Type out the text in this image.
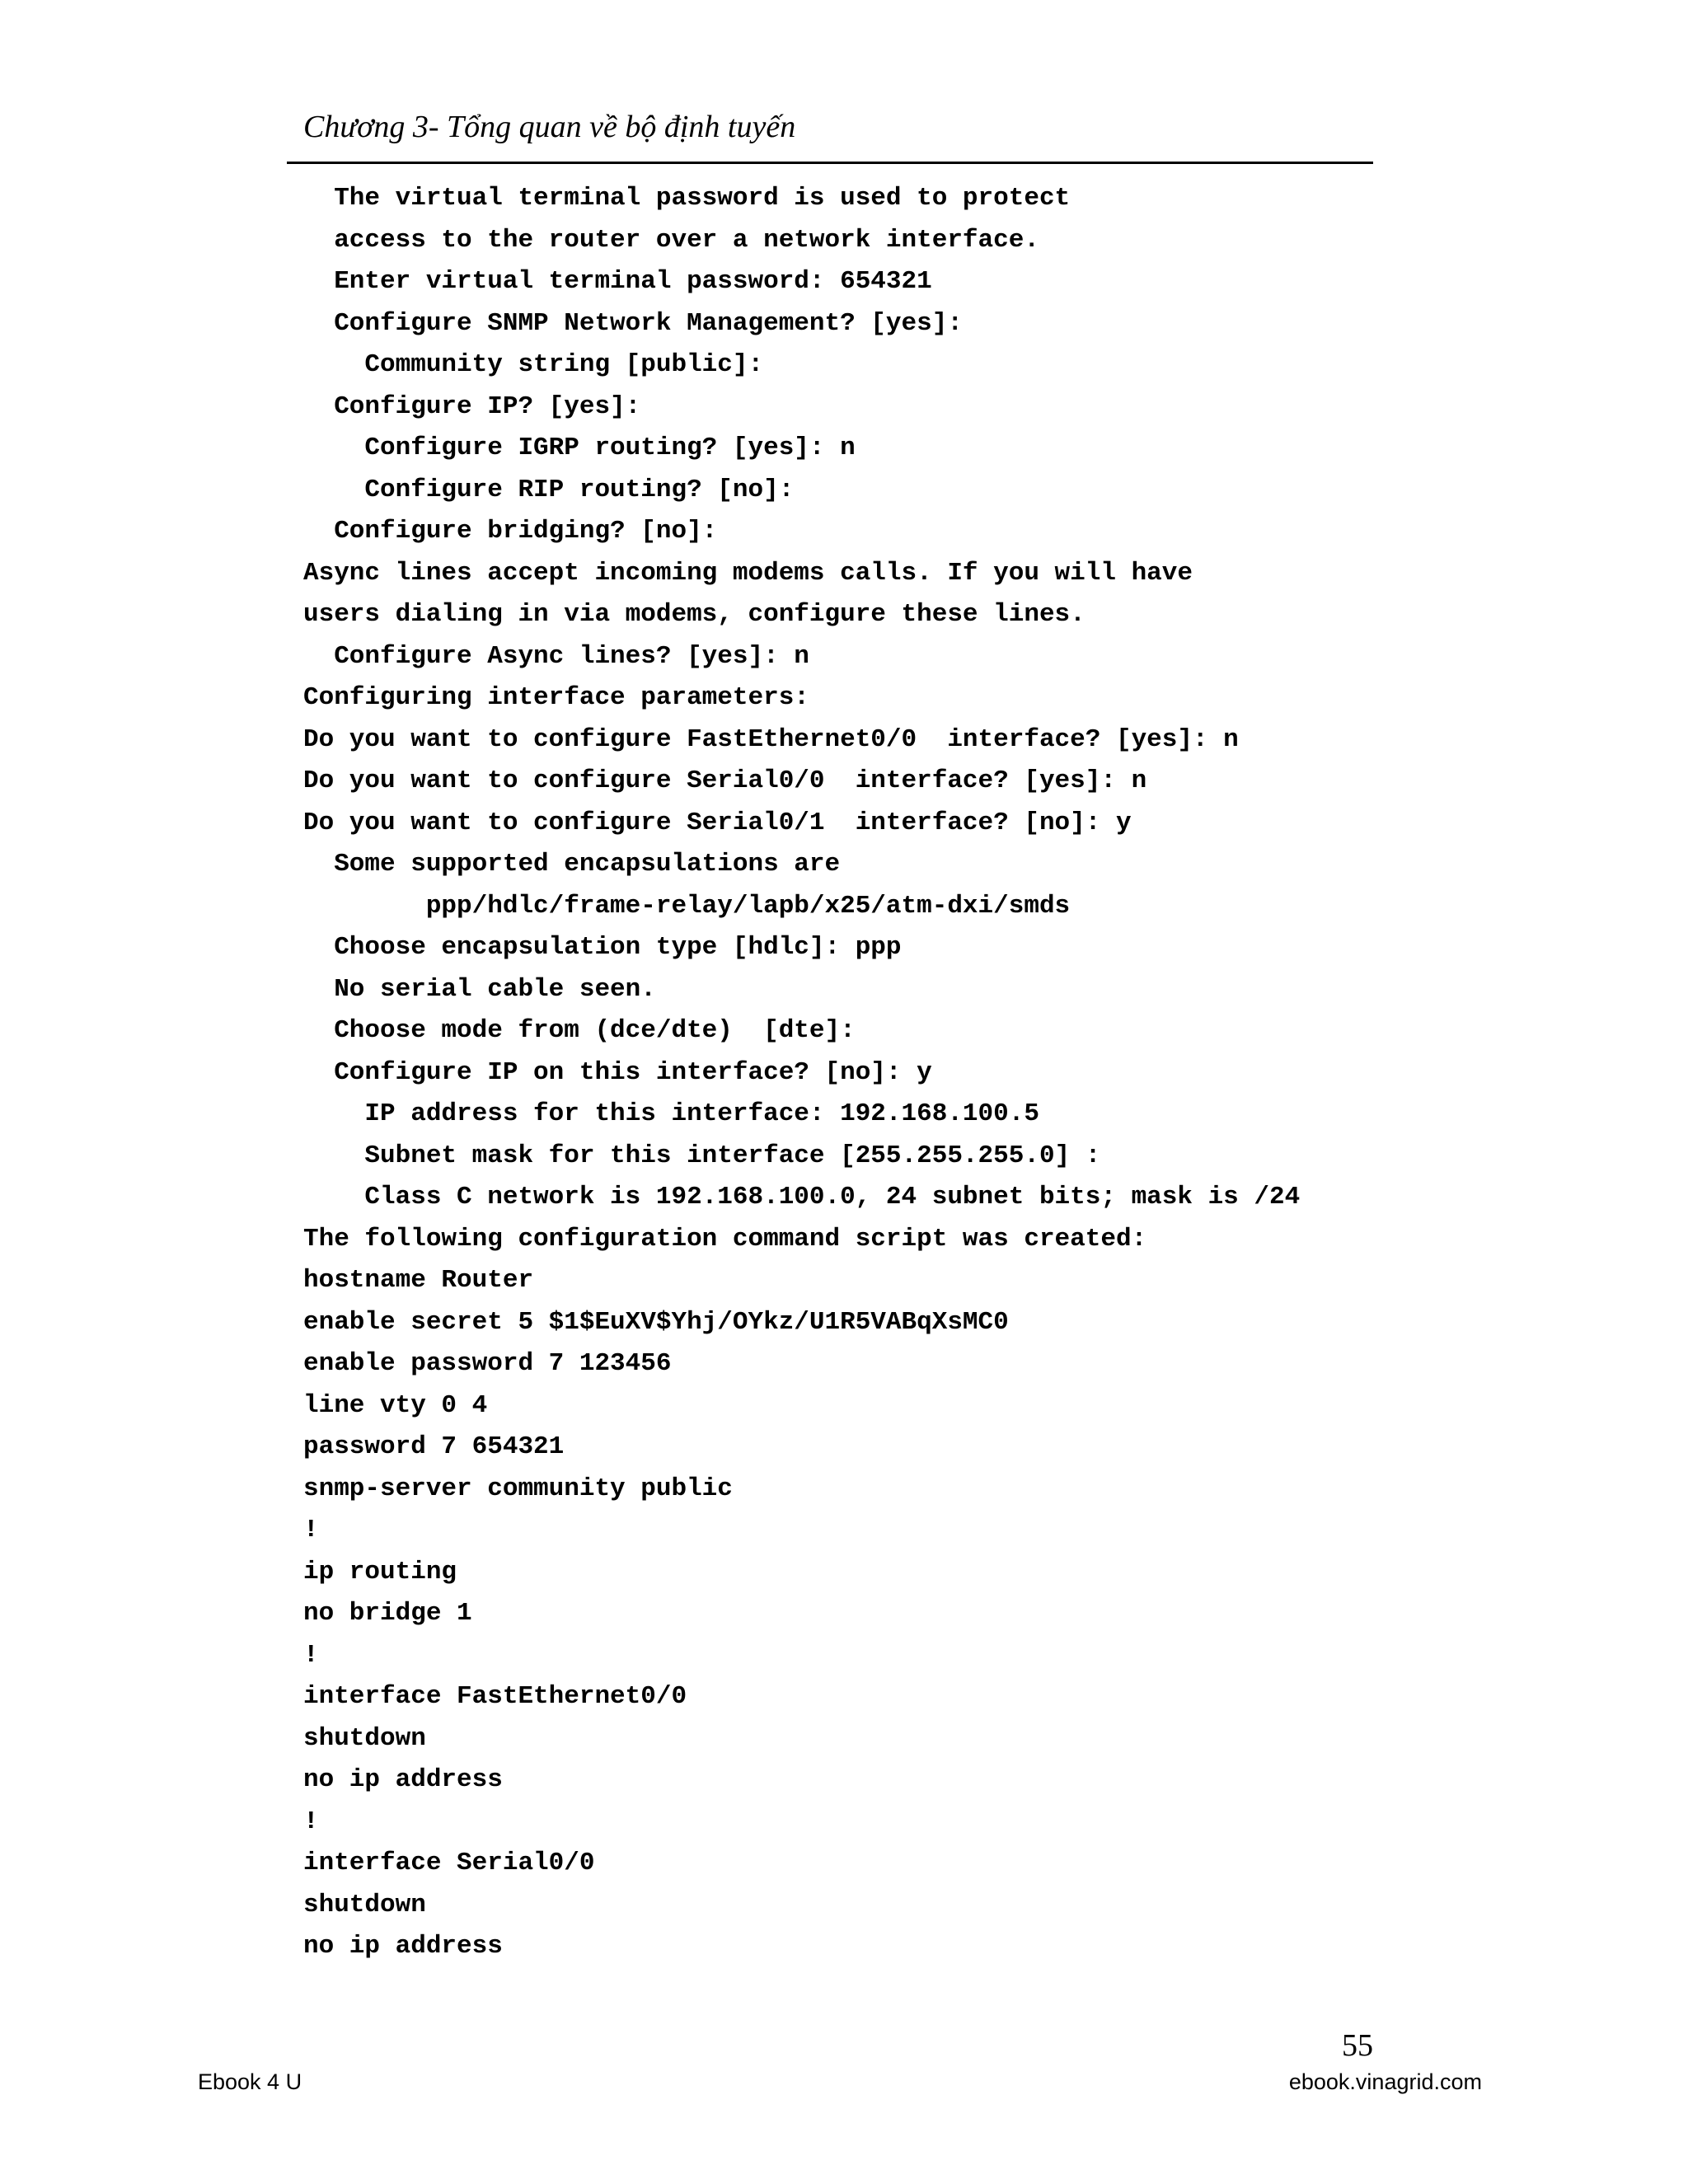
Chương 3- Tổng quan về bộ định tuyến
The virtual terminal password is used to protect
access to the router over a network interface.
Enter virtual terminal password: 654321
Configure SNMP Network Management? [yes]:
Community string [public]:
Configure IP? [yes]:
Configure IGRP routing? [yes]: n
Configure RIP routing? [no]:
Configure bridging? [no]:
Async lines accept incoming modems calls. If you will have
users dialing in via modems, configure these lines.
Configure Async lines? [yes]: n
Configuring interface parameters:
Do you want to configure FastEthernet0/0  interface? [yes]: n
Do you want to configure Serial0/0  interface? [yes]: n
Do you want to configure Serial0/1  interface? [no]: y
Some supported encapsulations are
ppp/hdlc/frame-relay/lapb/x25/atm-dxi/smds
Choose encapsulation type [hdlc]: ppp
No serial cable seen.
Choose mode from (dce/dte)  [dte]:
Configure IP on this interface? [no]: y
IP address for this interface: 192.168.100.5
Subnet mask for this interface [255.255.255.0] :
Class C network is 192.168.100.0, 24 subnet bits; mask is /24
The following configuration command script was created:
hostname Router
enable secret 5 $1$EuXV$Yhj/OYkz/U1R5VABqXsMC0
enable password 7 123456
line vty 0 4
password 7 654321
snmp-server community public
!
ip routing
no bridge 1
!
interface FastEthernet0/0
shutdown
no ip address
!
interface Serial0/0
shutdown
no ip address
55
Ebook 4 U	ebook.vinagrid.com
